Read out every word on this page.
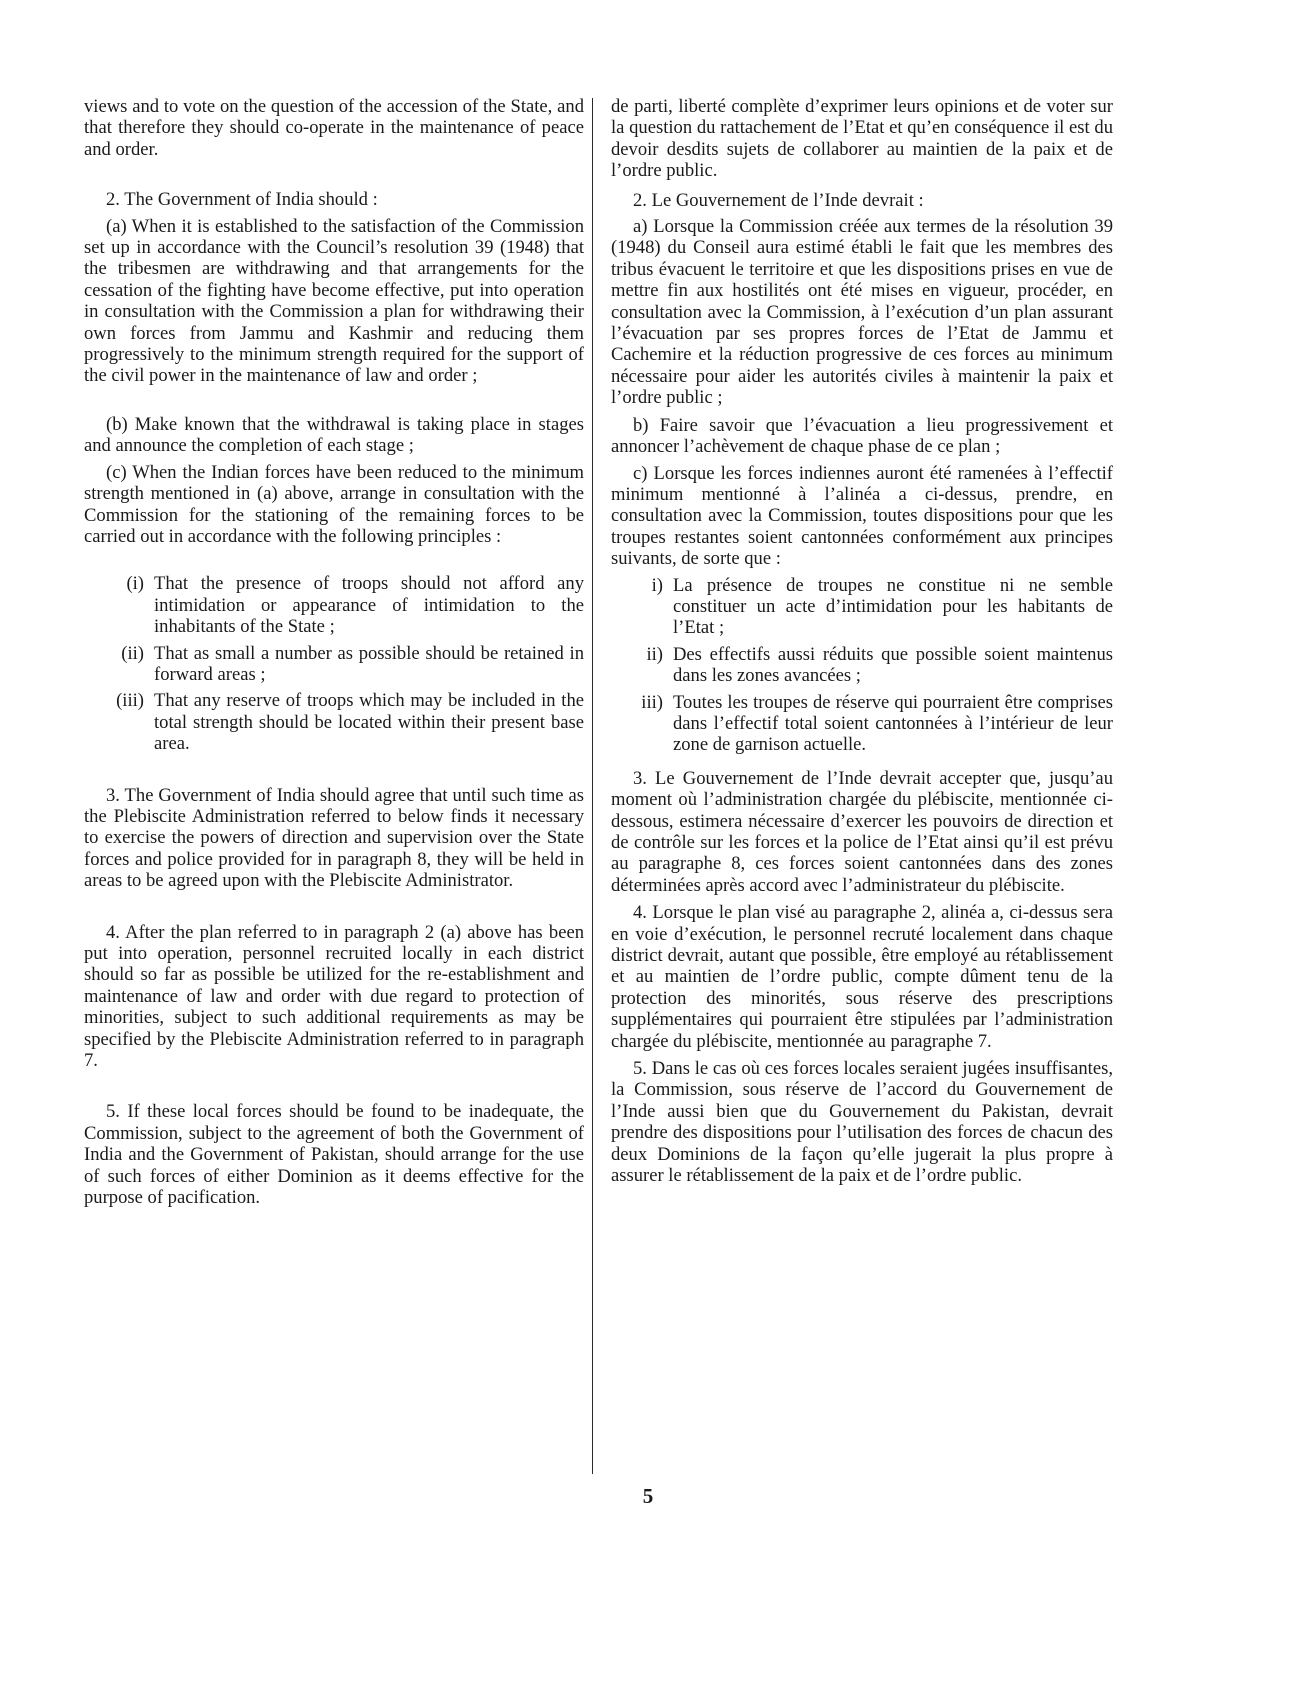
views and to vote on the question of the accession of the State, and that therefore they should co-operate in the maintenance of peace and order.

2. The Government of India should :

(a) When it is established to the satisfaction of the Commission set up in accordance with the Council’s resolution 39 (1948) that the tribesmen are withdrawing and that arrangements for the cessation of the fighting have become effective, put into operation in consultation with the Commission a plan for withdrawing their own forces from Jammu and Kashmir and reducing them progressively to the minimum strength required for the support of the civil power in the maintenance of law and order ;

(b) Make known that the withdrawal is taking place in stages and announce the completion of each stage ;

(c) When the Indian forces have been reduced to the minimum strength mentioned in (a) above, arrange in consultation with the Commission for the stationing of the remaining forces to be carried out in accordance with the following principles :

(i) That the presence of troops should not afford any intimidation or appearance of intimidation to the inhabitants of the State ;
(ii) That as small a number as possible should be retained in forward areas ;
(iii) That any reserve of troops which may be included in the total strength should be located within their present base area.

3. The Government of India should agree that until such time as the Plebiscite Administration referred to below finds it necessary to exercise the powers of direction and supervision over the State forces and police provided for in paragraph 8, they will be held in areas to be agreed upon with the Plebiscite Administrator.

4. After the plan referred to in paragraph 2 (a) above has been put into operation, personnel recruited locally in each district should so far as possible be utilized for the re-establishment and maintenance of law and order with due regard to protection of minorities, subject to such additional requirements as may be specified by the Plebiscite Administration referred to in paragraph 7.

5. If these local forces should be found to be inadequate, the Commission, subject to the agreement of both the Government of India and the Government of Pakistan, should arrange for the use of such forces of either Dominion as it deems effective for the purpose of pacification.

de parti, liberté complète d’exprimer leurs opinions et de voter sur la question du rattachement de l’Etat et qu’en conséquence il est du devoir desdits sujets de collaborer au maintien de la paix et de l’ordre public.

2. Le Gouvernement de l’Inde devrait :

a) Lorsque la Commission créée aux termes de la résolution 39 (1948) du Conseil aura estimé établi le fait que les membres des tribus évacuent le territoire et que les dispositions prises en vue de mettre fin aux hostilités ont été mises en vigueur, procéder, en consultation avec la Commission, à l’exécution d’un plan assurant l’évacuation par ses propres forces de l’Etat de Jammu et Cachemire et la réduction progressive de ces forces au minimum nécessaire pour aider les autorités civiles à maintenir la paix et l’ordre public ;

b) Faire savoir que l’évacuation a lieu progressivement et annoncer l’achèvement de chaque phase de ce plan ;

c) Lorsque les forces indiennes auront été ramenées à l’effectif minimum mentionné à l’alinéa a ci-dessus, prendre, en consultation avec la Commission, toutes dispositions pour que les troupes restantes soient cantonnées conformément aux principes suivants, de sorte que :

i) La présence de troupes ne constitue ni ne semble constituer un acte d’intimidation pour les habitants de l’Etat ;
ii) Des effectifs aussi réduits que possible soient maintenus dans les zones avancées ;
iii) Toutes les troupes de réserve qui pourraient être comprises dans l’effectif total soient cantonnées à l’intérieur de leur zone de garnison actuelle.

3. Le Gouvernement de l’Inde devrait accepter que, jusqu’au moment où l’administration chargée du plébiscite, mentionnée ci-dessous, estimera nécessaire d’exercer les pouvoirs de direction et de contrôle sur les forces et la police de l’Etat ainsi qu’il est prévu au paragraphe 8, ces forces soient cantonnées dans des zones déterminées après accord avec l’administrateur du plébiscite.

4. Lorsque le plan visé au paragraphe 2, alinéa a, ci-dessus sera en voie d’exécution, le personnel recruté localement dans chaque district devrait, autant que possible, être employé au rétablissement et au maintien de l’ordre public, compte dûment tenu de la protection des minorités, sous réserve des prescriptions supplémentaires qui pourraient être stipulées par l’administration chargée du plébiscite, mentionnée au paragraphe 7.

5. Dans le cas où ces forces locales seraient jugées insuffisantes, la Commission, sous réserve de l’accord du Gouvernement de l’Inde aussi bien que du Gouvernement du Pakistan, devrait prendre des dispositions pour l’utilisation des forces de chacun des deux Dominions de la façon qu’elle jugerait la plus propre à assurer le rétablissement de la paix et de l’ordre public.

5
